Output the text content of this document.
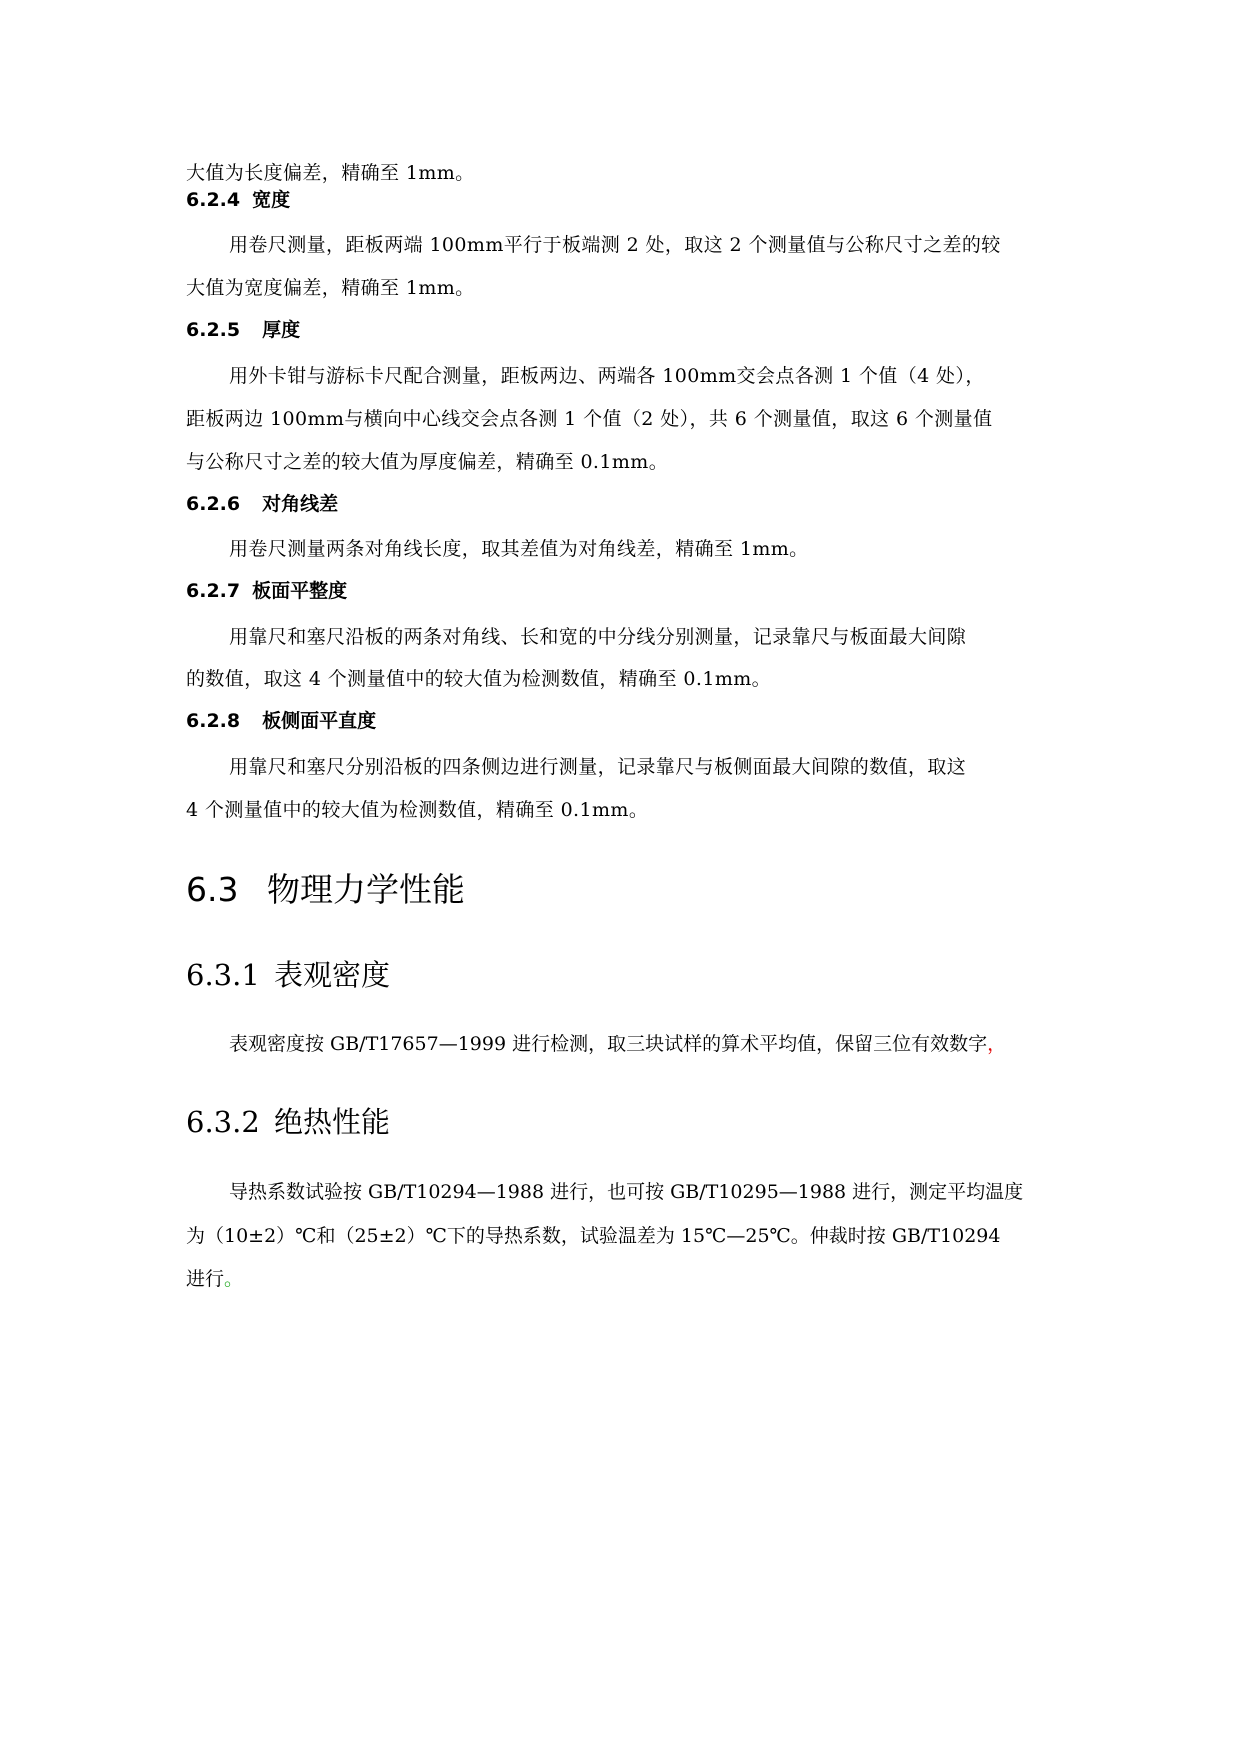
大值为长度偏差，精确至 1mm。

6.2.4 宽度

用卷尺测量，距板两端 100mm平行于板端测 2 处，取这 2 个测量值与公称尺寸之差的较

大值为宽度偏差，精确至 1mm。

6.2.5 厚度

用外卡钳与游标卡尺配合测量，距板两边、两端各 100mm交会点各测 1 个值（4 处），

距板两边 100mm与横向中心线交会点各测 1 个值（2 处），共 6 个测量值，取这 6 个测量值

与公称尺寸之差的较大值为厚度偏差，精确至 0.1mm。

6.2.6 对角线差

用卷尺测量两条对角线长度，取其差值为对角线差，精确至 1mm。

6.2.7 板面平整度

用靠尺和塞尺沿板的两条对角线、长和宽的中分线分别测量，记录靠尺与板面最大间隙

的数值，取这 4 个测量值中的较大值为检测数值，精确至 0.1mm。

6.2.8 板侧面平直度

用靠尺和塞尺分别沿板的四条侧边进行测量，记录靠尺与板侧面最大间隙的数值，取这

4 个测量值中的较大值为检测数值，精确至 0.1mm。

6.3 物理力学性能
6.3.1 表观密度

表观密度按 GB/T17657—1999 进行检测，取三块试样的算术平均值，保留三位有效数字，

6.3.2 绝热性能

导热系数试验按 GB/T10294—1988 进行，也可按 GB/T10295—1988 进行，测定平均温度

为（10±2）℃和（25±2）℃下的导热系数，试验温差为 15℃—25℃。仲裁时按 GB/T10294

进行。
